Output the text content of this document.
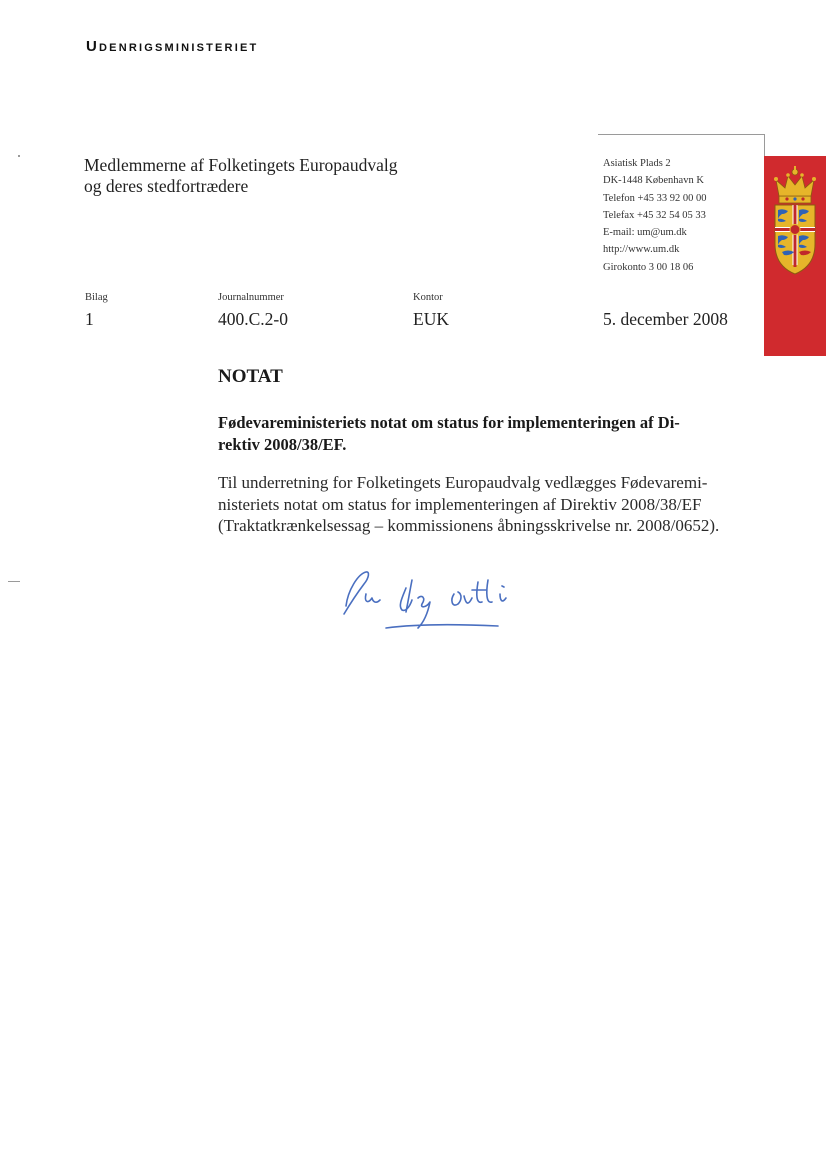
Udenrigsministeriet
Medlemmerne af Folketingets Europaudvalg
og deres stedfortrædere
Asiatisk Plads 2
DK-1448 København K
Telefon +45 33 92 00 00
Telefax +45 32 54 05 33
E-mail: um@um.dk
http://www.um.dk
Girokonto 3 00 18 06
Bilag
1
Journalnummer
400.C.2-0
Kontor
EUK	5. december 2008
NOTAT
Fødevareministeriets notat om status for implementeringen af Di-
rektiv 2008/38/EF.
Til underretning for Folketingets Europaudvalg vedlægges Fødevaremi-
nisteriets notat om status for implementeringen af Direktiv 2008/38/EF
(Traktatkrænkelsessag – kommissionens åbningsskrivelse nr. 2008/0652).
